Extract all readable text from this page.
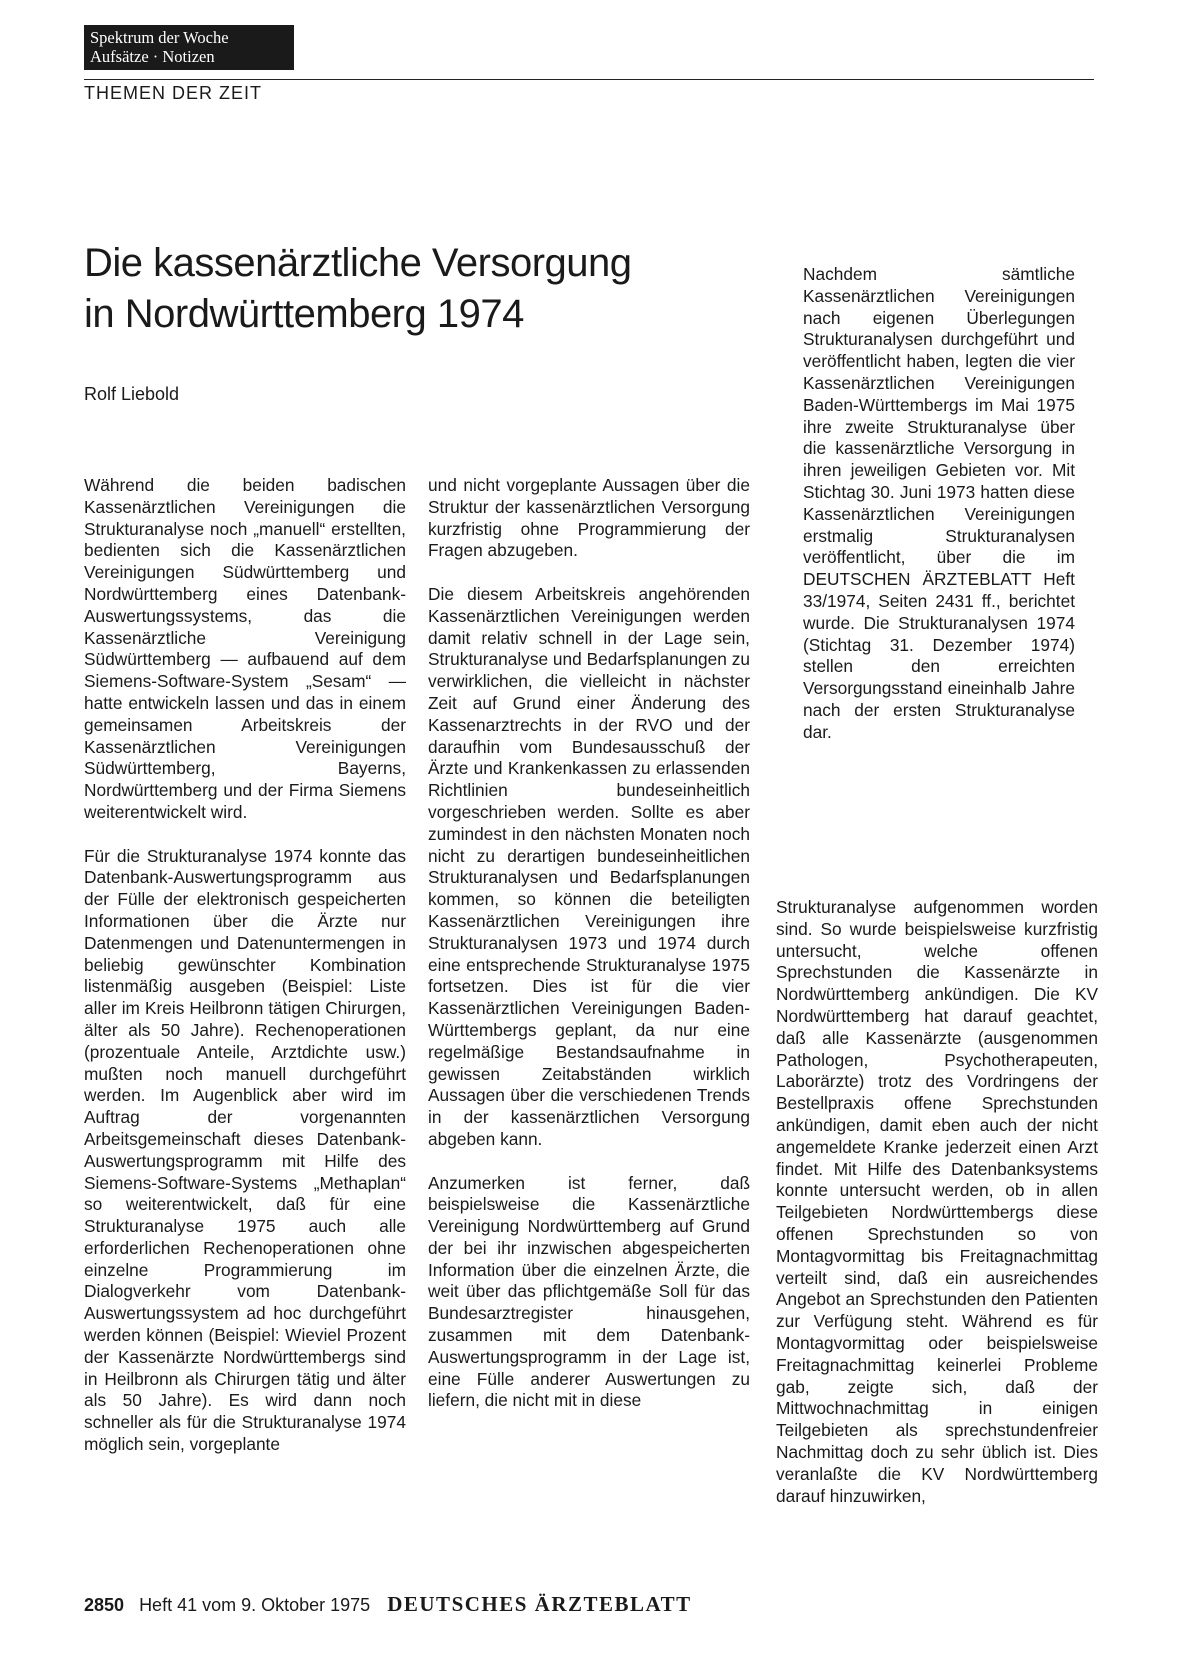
Spektrum der Woche
Aufsätze · Notizen
THEMEN DER ZEIT
Die kassenärztliche Versorgung
in Nordwürttemberg 1974
Rolf Liebold

Während die beiden badischen Kassenärztlichen Vereinigungen die Strukturanalyse noch „manuell“ erstellten, bedienten sich die Kassenärztlichen Vereinigungen Südwürttemberg und Nordwürttemberg eines Datenbank-Auswertungssystems, das die Kassenärztliche Vereinigung Südwürttemberg — aufbauend auf dem Siemens-Software-System „Sesam“ — hatte entwickeln lassen und das in einem gemeinsamen Arbeitskreis der Kassenärztlichen Vereinigungen Südwürttemberg, Bayerns, Nordwürttemberg und der Firma Siemens weiterentwickelt wird.

Für die Strukturanalyse 1974 konnte das Datenbank-Auswertungsprogramm aus der Fülle der elektronisch gespeicherten Informationen über die Ärzte nur Datenmengen und Datenuntermengen in beliebig gewünschter Kombination listenmäßig ausgeben (Beispiel: Liste aller im Kreis Heilbronn tätigen Chirurgen, älter als 50 Jahre). Rechenoperationen (prozentuale Anteile, Arztdichte usw.) mußten noch manuell durchgeführt werden. Im Augenblick aber wird im Auftrag der vorgenannten Arbeitsgemeinschaft dieses Datenbank-Auswertungsprogramm mit Hilfe des Siemens-Software-Systems „Methaplan“ so weiterentwickelt, daß für eine Strukturanalyse 1975 auch alle erforderlichen Rechenoperationen ohne einzelne Programmierung im Dialogverkehr vom Datenbank-Auswertungssystem ad hoc durchgeführt werden können (Beispiel: Wieviel Prozent der Kassenärzte Nordwürttembergs sind in Heilbronn als Chirurgen tätig und älter als 50 Jahre). Es wird dann noch schneller als für die Strukturanalyse 1974 möglich sein, vorgeplante

und nicht vorgeplante Aussagen über die Struktur der kassenärztlichen Versorgung kurzfristig ohne Programmierung der Fragen abzugeben.

Die diesem Arbeitskreis angehörenden Kassenärztlichen Vereinigungen werden damit relativ schnell in der Lage sein, Strukturanalyse und Bedarfsplanungen zu verwirklichen, die vielleicht in nächster Zeit auf Grund einer Änderung des Kassenarztrechts in der RVO und der daraufhin vom Bundesausschuß der Ärzte und Krankenkassen zu erlassenden Richtlinien bundeseinheitlich vorgeschrieben werden. Sollte es aber zumindest in den nächsten Monaten noch nicht zu derartigen bundeseinheitlichen Strukturanalysen und Bedarfsplanungen kommen, so können die beteiligten Kassenärztlichen Vereinigungen ihre Strukturanalysen 1973 und 1974 durch eine entsprechende Strukturanalyse 1975 fortsetzen. Dies ist für die vier Kassenärztlichen Vereinigungen Baden-Württembergs geplant, da nur eine regelmäßige Bestandsaufnahme in gewissen Zeitabständen wirklich Aussagen über die verschiedenen Trends in der kassenärztlichen Versorgung abgeben kann.

Anzumerken ist ferner, daß beispielsweise die Kassenärztliche Vereinigung Nordwürttemberg auf Grund der bei ihr inzwischen abgespeicherten Information über die einzelnen Ärzte, die weit über das pflichtgemäße Soll für das Bundesarztregister hinausgehen, zusammen mit dem Datenbank-Auswertungsprogramm in der Lage ist, eine Fülle anderer Auswertungen zu liefern, die nicht mit in diese

Nachdem sämtliche Kassenärztlichen Vereinigungen nach eigenen Überlegungen Strukturanalysen durchgeführt und veröffentlicht haben, legten die vier Kassenärztlichen Vereinigungen Baden-Württembergs im Mai 1975 ihre zweite Strukturanalyse über die kassenärztliche Versorgung in ihren jeweiligen Gebieten vor. Mit Stichtag 30. Juni 1973 hatten diese Kassenärztlichen Vereinigungen erstmalig Strukturanalysen veröffentlicht, über die im DEUTSCHEN ÄRZTEBLATT Heft 33/1974, Seiten 2431 ff., berichtet wurde. Die Strukturanalysen 1974 (Stichtag 31. Dezember 1974) stellen den erreichten Versorgungsstand eineinhalb Jahre nach der ersten Strukturanalyse dar.

Strukturanalyse aufgenommen worden sind. So wurde beispielsweise kurzfristig untersucht, welche offenen Sprechstunden die Kassenärzte in Nordwürttemberg ankündigen. Die KV Nordwürttemberg hat darauf geachtet, daß alle Kassenärzte (ausgenommen Pathologen, Psychotherapeuten, Laborärzte) trotz des Vordringens der Bestellpraxis offene Sprechstunden ankündigen, damit eben auch der nicht angemeldete Kranke jederzeit einen Arzt findet. Mit Hilfe des Datenbanksystems konnte untersucht werden, ob in allen Teilgebieten Nordwürttembergs diese offenen Sprechstunden so von Montagvormittag bis Freitagnachmittag verteilt sind, daß ein ausreichendes Angebot an Sprechstunden den Patienten zur Verfügung steht. Während es für Montagvormittag oder beispielsweise Freitagnachmittag keinerlei Probleme gab, zeigte sich, daß der Mittwochnachmittag in einigen Teilgebieten als sprechstundenfreier Nachmittag doch zu sehr üblich ist. Dies veranlaßte die KV Nordwürttemberg darauf hinzuwirken,

2850 Heft 41 vom 9. Oktober 1975 DEUTSCHES ÄRZTEBLATT
